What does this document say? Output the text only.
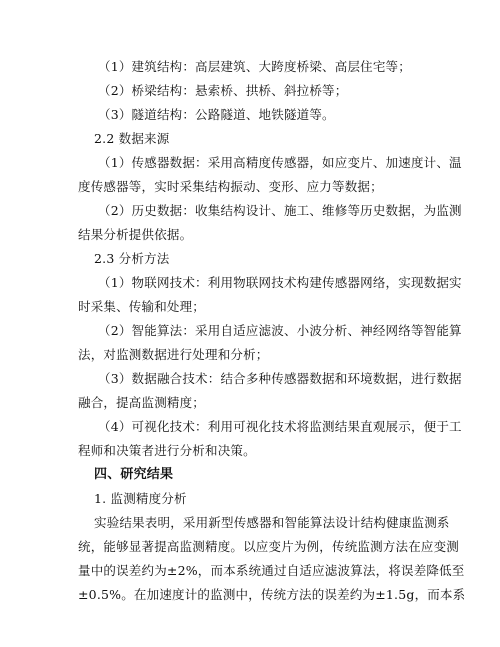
（1）建筑结构：高层建筑、大跨度桥梁、高层住宅等；
（2）桥梁结构：悬索桥、拱桥、斜拉桥等；
（3）隧道结构：公路隧道、地铁隧道等。
2.2 数据来源
（1）传感器数据：采用高精度传感器，如应变片、加速度计、温
度传感器等，实时采集结构振动、变形、应力等数据；
（2）历史数据：收集结构设计、施工、维修等历史数据，为监测
结果分析提供依据。
2.3 分析方法
（1）物联网技术：利用物联网技术构建传感器网络，实现数据实
时采集、传输和处理；
（2）智能算法：采用自适应滤波、小波分析、神经网络等智能算
法，对监测数据进行处理和分析；
（3）数据融合技术：结合多种传感器数据和环境数据，进行数据
融合，提高监测精度；
（4）可视化技术：利用可视化技术将监测结果直观展示，便于工
程师和决策者进行分析和决策。
四、研究结果
1. 监测精度分析
实验结果表明，采用新型传感器和智能算法设计结构健康监测系
统，能够显著提高监测精度。以应变片为例，传统监测方法在应变测
量中的误差约为±2%，而本系统通过自适应滤波算法，将误差降低至
±0.5%。在加速度计的监测中，传统方法的误差约为±1.5g，而本系
